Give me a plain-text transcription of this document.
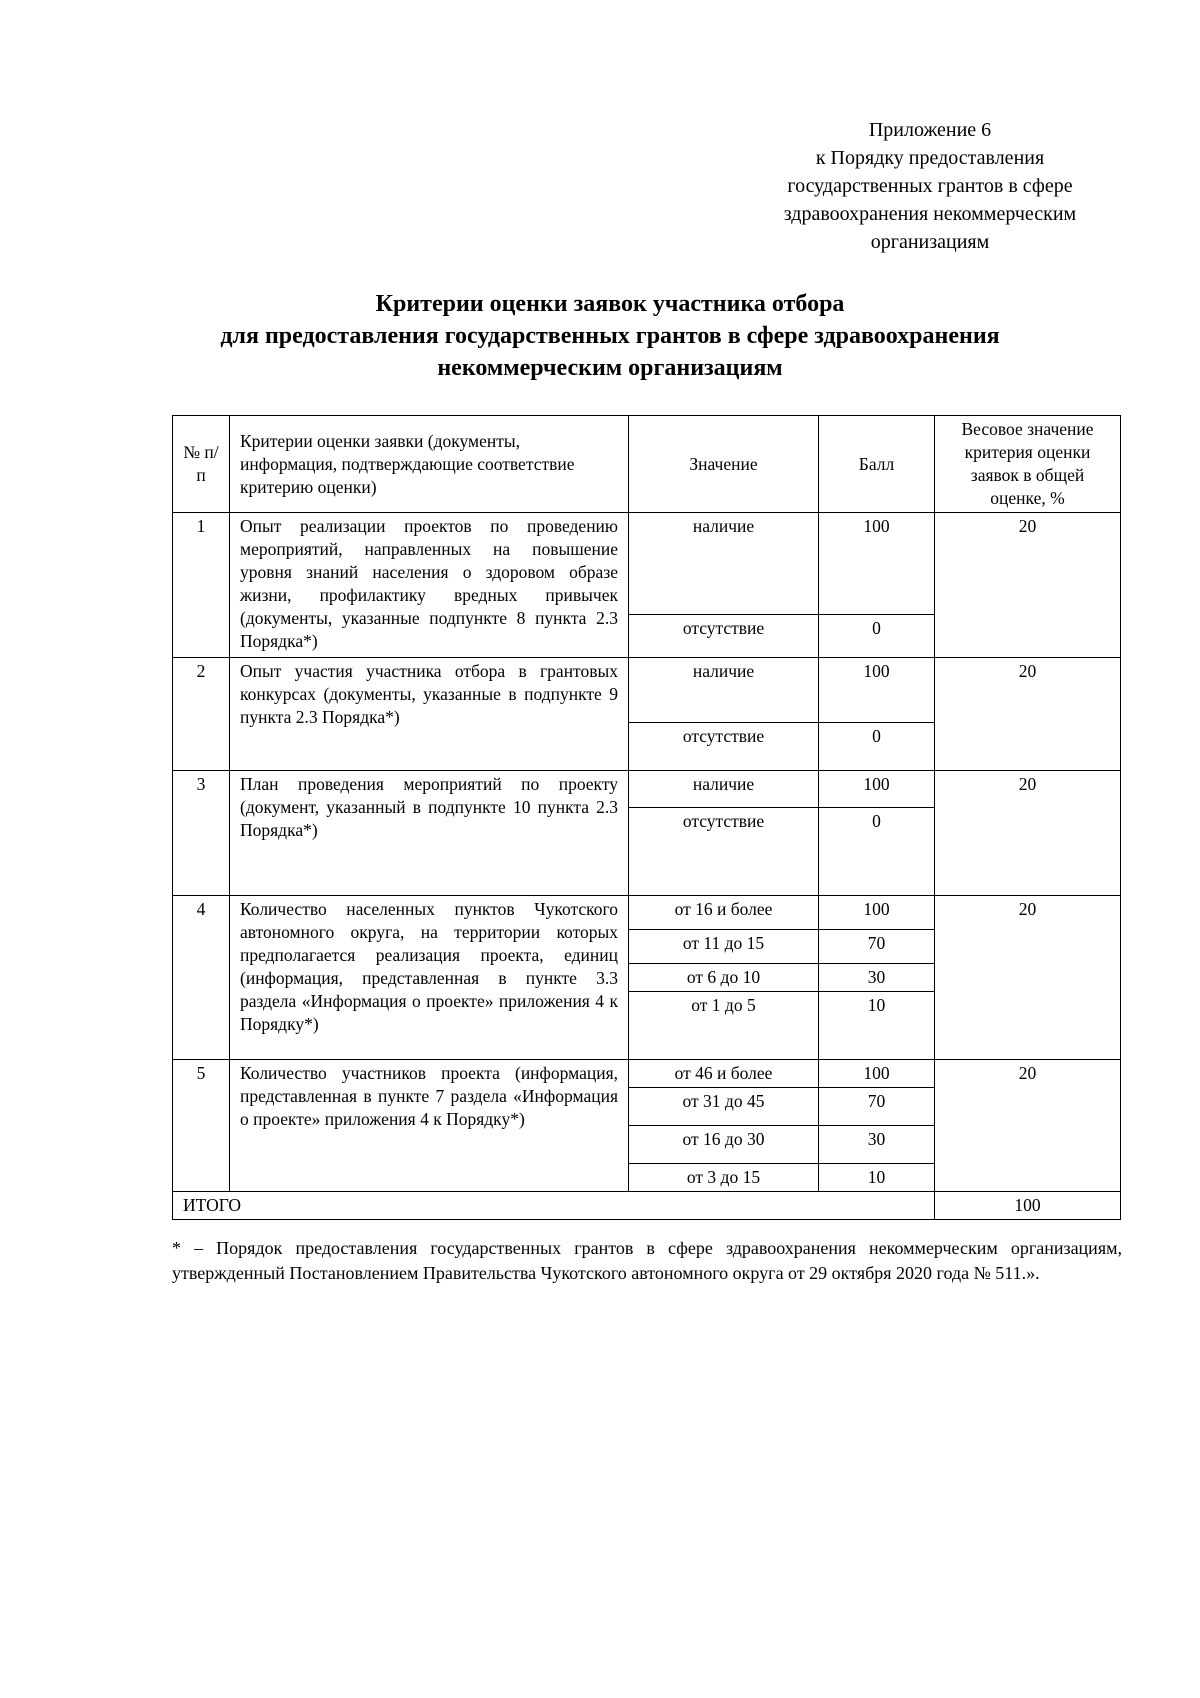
Приложение 6
к Порядку предоставления
государственных грантов в сфере
здравоохранения некоммерческим
организациям
Критерии оценки заявок участника отбора
для предоставления государственных грантов в сфере здравоохранения
некоммерческим организациям
№ п/п	Критерии оценки заявки (документы, информация, подтверждающие соответствие критерию оценки)	Значение	Балл	Весовое значение критерия оценки заявок в общей оценке, %
1	Опыт реализации проектов по проведению мероприятий, направленных на повышение уровня знаний населения о здоровом образе жизни, профилактику вредных привычек (документы, указанные подпункте 8 пункта 2.3 Порядка*)	наличие	100	20
		отсутствие	0	
2	Опыт участия участника отбора в грантовых конкурсах (документы, указанные в подпункте 9 пункта 2.3 Порядка*)	наличие	100	20
		отсутствие	0	
3	План проведения мероприятий по проекту (документ, указанный в подпункте 10 пункта 2.3 Порядка*)	наличие	100	20
		отсутствие	0	
4	Количество населенных пунктов Чукотского автономного округа, на территории которых предполагается реализация проекта, единиц (информация, представленная в пункте 3.3 раздела «Информация о проекте» приложения 4 к Порядку*)	от 16 и более	100	20
		от 11 до 15	70	
		от 6 до 10	30	
		от 1 до 5	10	
5	Количество участников проекта (информация, представленная в пункте 7 раздела «Информация о проекте» приложения 4 к Порядку*)	от 46 и более	100	20
		от 31 до 45	70	
		от 16 до 30	30	
		от 3 до 15	10	
ИТОГО				100
* – Порядок предоставления государственных грантов в сфере здравоохранения некоммерческим организациям, утвержденный Постановлением Правительства Чукотского автономного округа от 29 октября 2020 года № 511.».
